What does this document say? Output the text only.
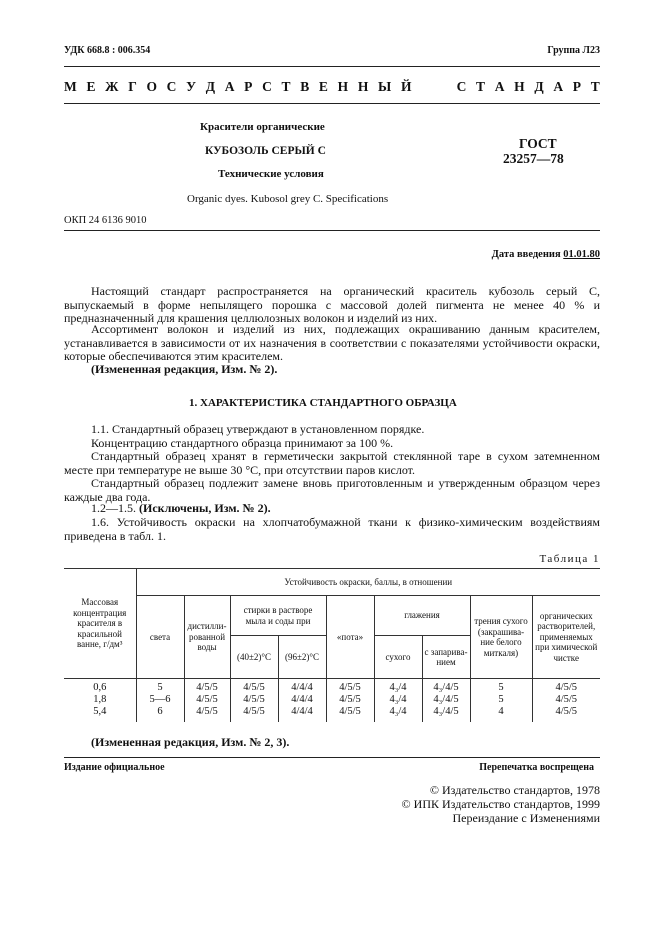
УДК 668.8 : 006.354	Группа Л23
М Е Ж Г О С У Д А Р С Т В Е Н Н Ы Й	С Т А Н Д А Р Т
Красители органические
КУБОЗОЛЬ СЕРЫЙ С
Технические условия
Organic dyes. Kubosol grey C. Specifications
ГОСТ
23257—78
ОКП 24 6136 9010
Дата введения 01.01.80
Настоящий стандарт распространяется на органический краситель кубозоль серый С, выпускаемый в форме непылящего порошка с массовой долей пигмента не менее 40 % и предназначенный для крашения целлюлозных волокон и изделий из них.
Ассортимент волокон и изделий из них, подлежащих окрашиванию данным красителем, устанавливается в зависимости от их назначения в соответствии с показателями устойчивости окраски, которые обеспечиваются этим красителем.
(Измененная редакция, Изм. № 2).
1. ХАРАКТЕРИСТИКА СТАНДАРТНОГО ОБРАЗЦА
1.1. Стандартный образец утверждают в установленном порядке.
Концентрацию стандартного образца принимают за 100 %.
Стандартный образец хранят в герметически закрытой стеклянной таре в сухом затемненном месте при температуре не выше 30 °С, при отсутствии паров кислот.
Стандартный образец подлежит замене вновь приготовленным и утвержденным образцом через каждые два года.
1.2—1.5. (Исключены, Изм. № 2).
1.6. Устойчивость окраски на хлопчатобумажной ткани к физико-химическим воздействиям приведена в табл. 1.
Таблица 1
Массовая концентрация красителя в красильной ванне, г/дм³	Устойчивость окраски, баллы, в отношении								
	света	дистилли-рованной воды	стирки в растворе мыла и соды при		«пота»	глажения		трения сухого (закрашива-ние белого миткаля)	органических растворителей, применяемых при химической чистке
			(40±2)°С	(96±2)°С		сухого	с запарива-нием		
0,6	5	4/5/5	4/5/5	4/4/4	4/5/5	4₃/4	4₃/4/5	5	4/5/5
1,8	5—6	4/5/5	4/5/5	4/4/4	4/5/5	4₃/4	4₃/4/5	5	4/5/5
5,4	6	4/5/5	4/5/5	4/4/4	4/5/5	4₃/4	4₃/4/5	4	4/5/5
(Измененная редакция, Изм. № 2, 3).
Издание официальное	Перепечатка воспрещена
© Издательство стандартов, 1978
© ИПК Издательство стандартов, 1999
Переиздание с Изменениями
